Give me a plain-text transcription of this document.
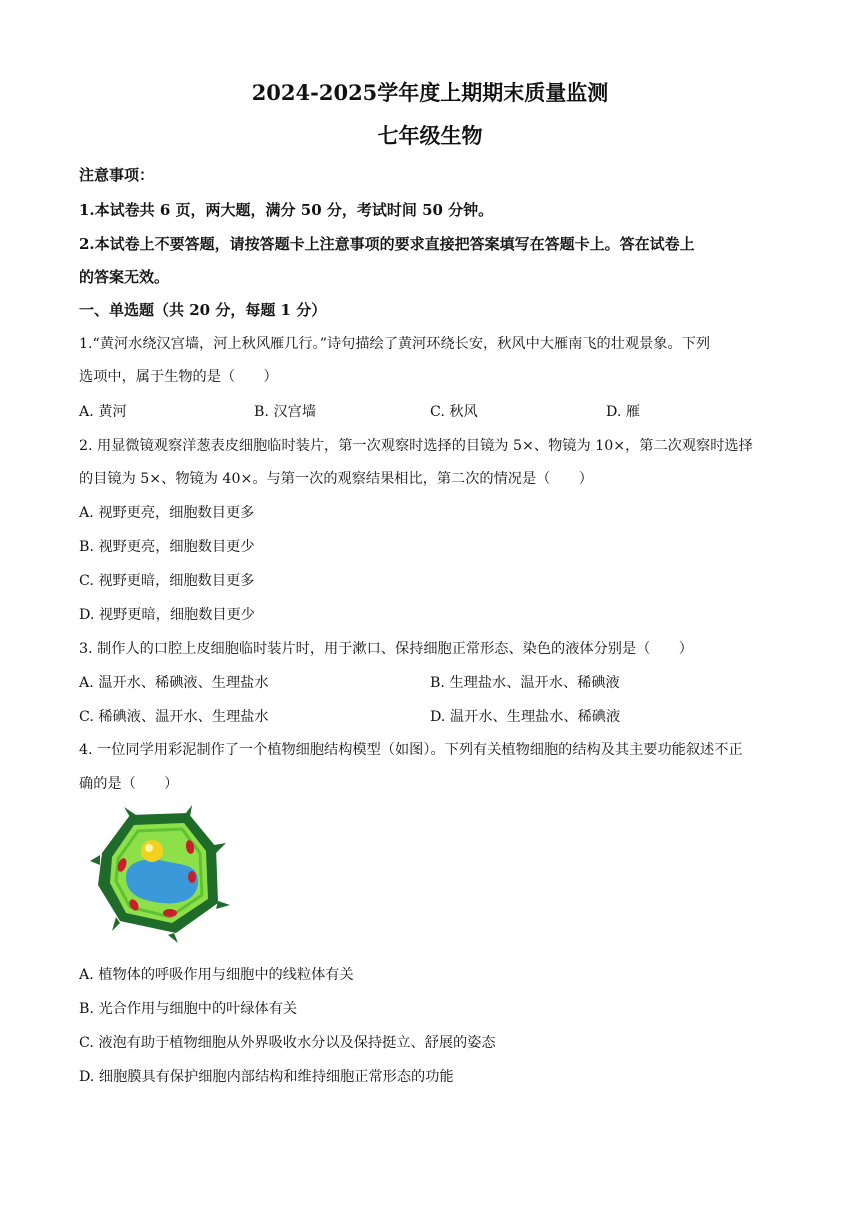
2024-2025学年度上期期末质量监测
七年级生物
注意事项：
1.本试卷共 6 页，两大题，满分 50 分，考试时间 50 分钟。
2.本试卷上不要答题，请按答题卡上注意事项的要求直接把答案填写在答题卡上。答在试卷上
的答案无效。
一、单选题（共 20 分，每题 1 分）
1.“黄河水绕汉宫墙，河上秋风雁几行。”诗句描绘了黄河环绕长安，秋风中大雁南飞的壮观景象。下列
选项中，属于生物的是（　　）
A. 黄河	B. 汉宫墙	C. 秋风	D. 雁
2. 用显微镜观察洋葱表皮细胞临时装片，第一次观察时选择的目镜为 5×、物镜为 10×，第二次观察时选择
的目镜为 5×、物镜为 40×。与第一次的观察结果相比，第二次的情况是（　　）
A. 视野更亮，细胞数目更多
B. 视野更亮，细胞数目更少
C. 视野更暗，细胞数目更多
D. 视野更暗，细胞数目更少
3. 制作人的口腔上皮细胞临时装片时，用于漱口、保持细胞正常形态、染色的液体分别是（　　）
A. 温开水、稀碘液、生理盐水	B. 生理盐水、温开水、稀碘液
C. 稀碘液、温开水、生理盐水	D. 温开水、生理盐水、稀碘液
4. 一位同学用彩泥制作了一个植物细胞结构模型（如图）。下列有关植物细胞的结构及其主要功能叙述不正
确的是（　　）
A. 植物体的呼吸作用与细胞中的线粒体有关
B. 光合作用与细胞中的叶绿体有关
C. 液泡有助于植物细胞从外界吸收水分以及保持挺立、舒展的姿态
D. 细胞膜具有保护细胞内部结构和维持细胞正常形态的功能
